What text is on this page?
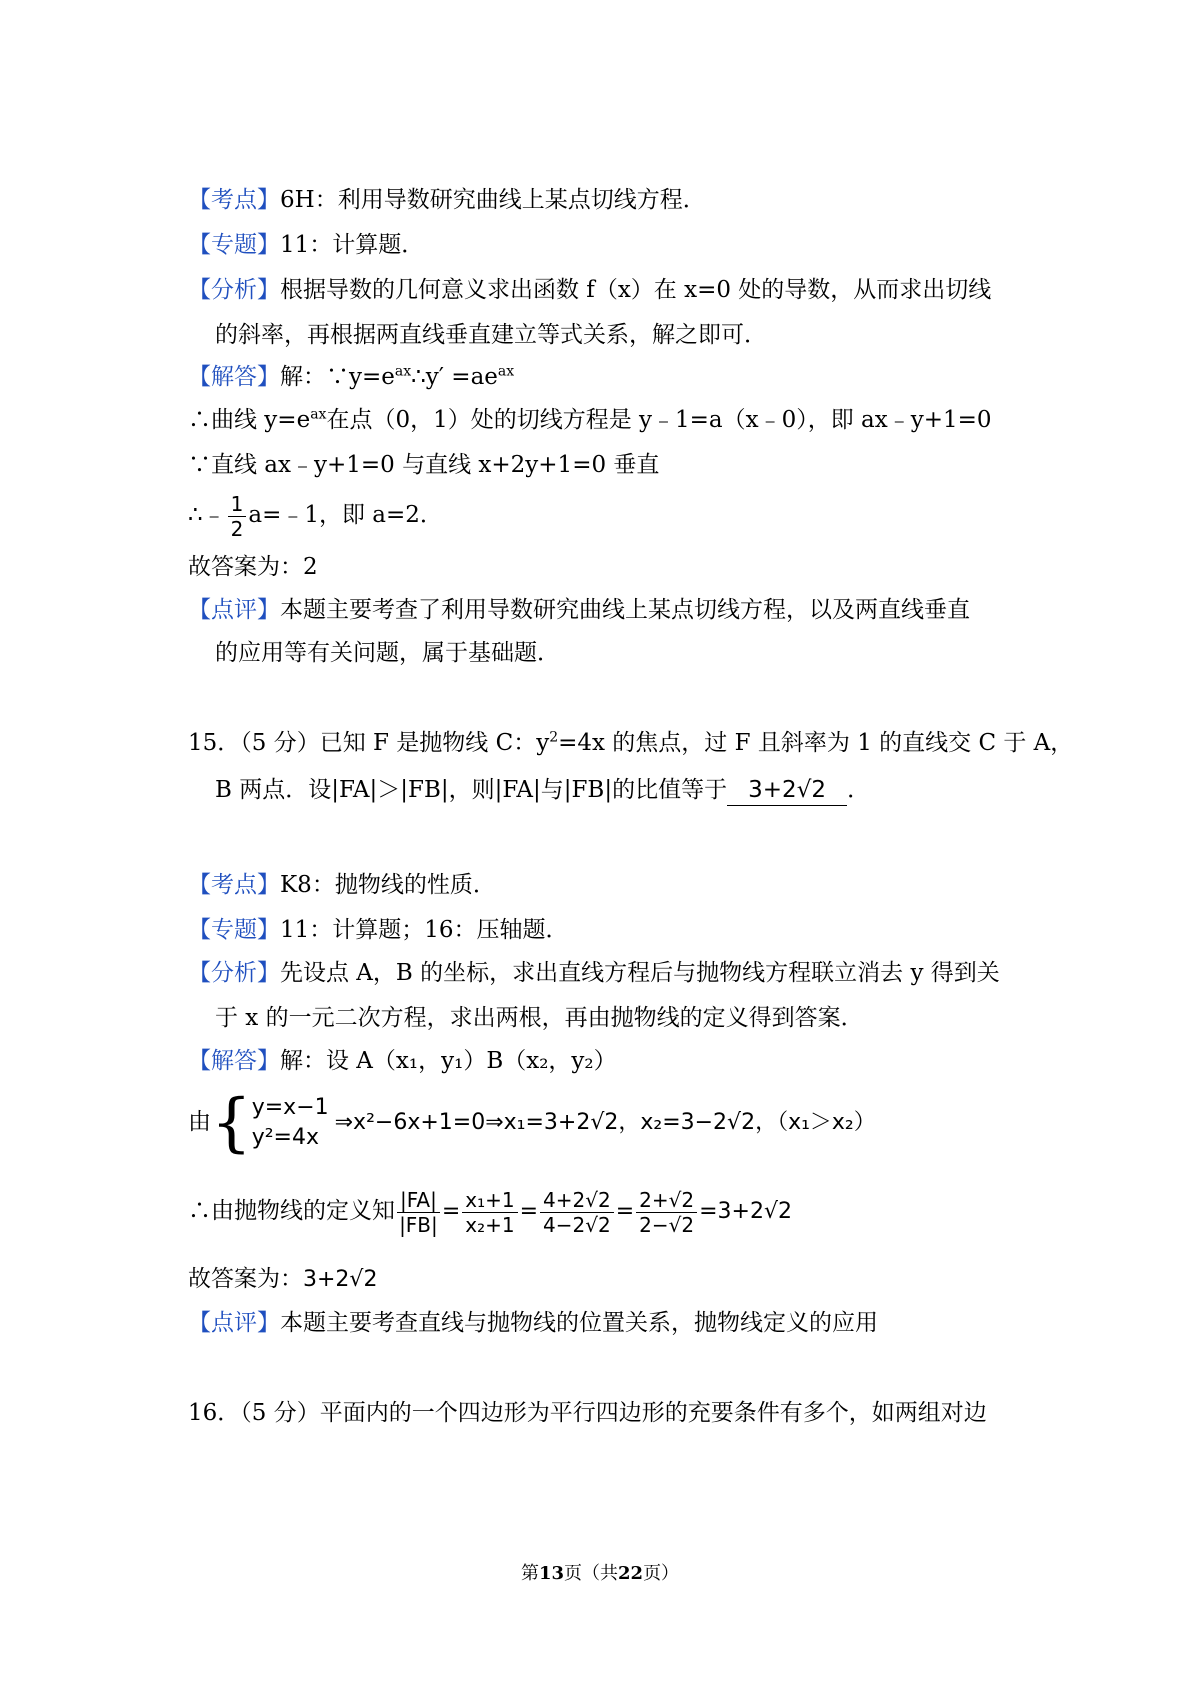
【考点】6H：利用导数研究曲线上某点切线方程．
【专题】11：计算题．
【分析】根据导数的几何意义求出函数 f（x）在 x=0 处的导数，从而求出切线
的斜率，再根据两直线垂直建立等式关系，解之即可．
【解答】解：$\because y=e^{ax}\therefore y' =ae^{ax}$
∴曲线 $y=e^{ax}$在点（0，1）处的切线方程是 y﹣1=a（x﹣0），即 ax﹣y+1=0
∵直线 ax﹣y+1=0 与直线 x+2y+1=0 垂直
∴﹣ $\frac{1}{2}$ a=﹣1，即 a=2．
故答案为：2
【点评】本题主要考查了利用导数研究曲线上某点切线方程，以及两直线垂直
的应用等有关问题，属于基础题．
15．（5 分）已知 F 是抛物线 C：$y^2=4x$ 的焦点，过 F 且斜率为 1 的直线交 C 于 A，
B 两点．设|FA|＞|FB|，则|FA|与|FB|的比值等于 3+2√2 ．
【考点】K8：抛物线的性质．
【专题】11：计算题；16：压轴题．
【分析】先设点 A，B 的坐标，求出直线方程后与抛物线方程联立消去 y 得到关
于 x 的一元二次方程，求出两根，再由抛物线的定义得到答案．
【解答】解：设 A（x₁，y₁）B（x₂，y₂）
由{ y=x−1
y²=4x
⇒x²−6x+1=0⇒x₁=3+2√2，x₂=3−2√2，（x₁＞x₂）
∴由抛物线的定义知 $\frac{|FA|}{|FB|} = \frac{\text{x₁+1}}{\text{x₂+1}} = \frac{4+2√2}{4-2√2} = \frac{2+√2}{2-√2} =3+2√2$
故答案为：3+2√2
【点评】本题主要考查直线与抛物线的位置关系，抛物线定义的应用
16．（5 分）平面内的一个四边形为平行四边形的充要条件有多个，如两组对边
第13页（共22页）
